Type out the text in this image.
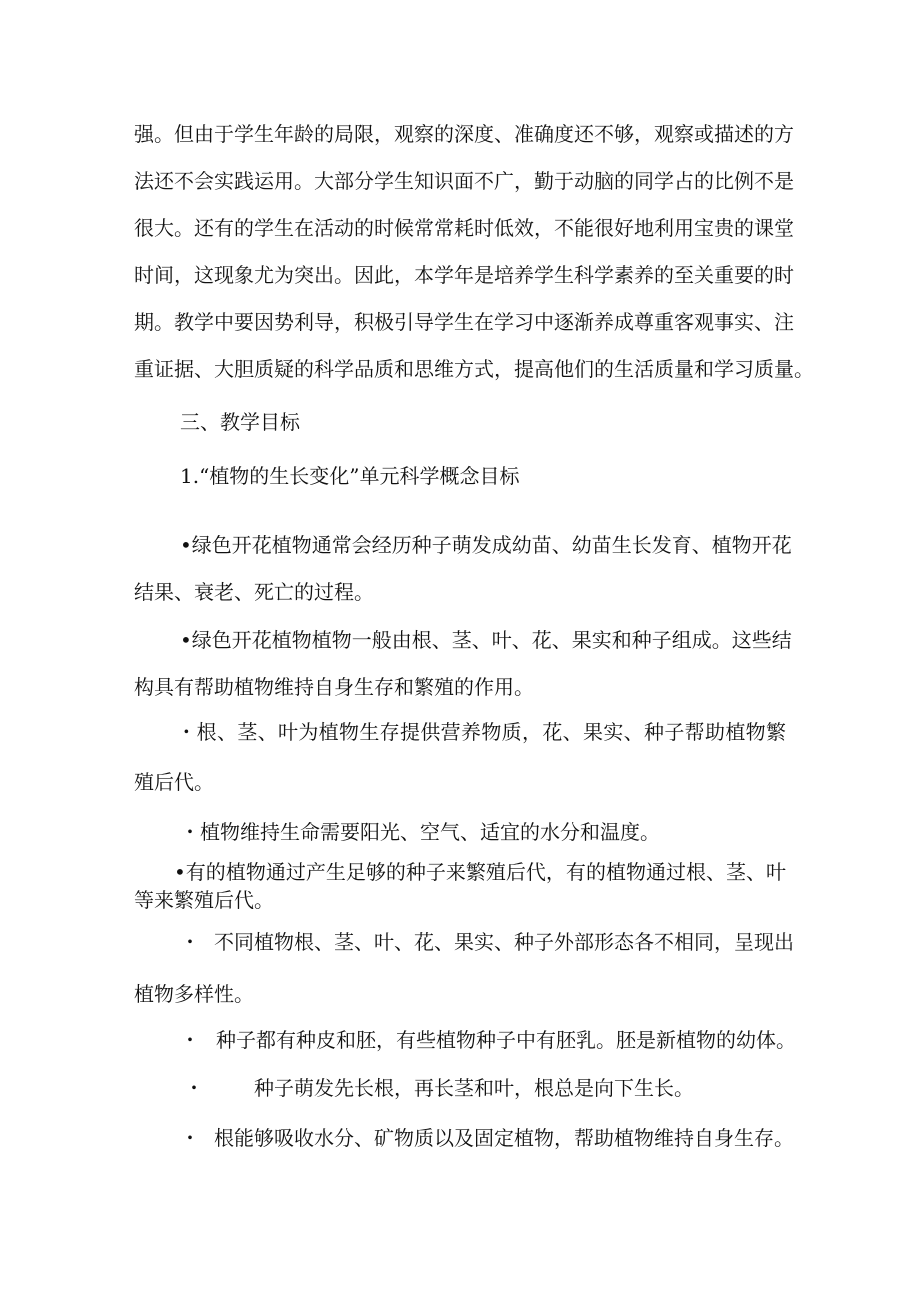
强。但由于学生年龄的局限，观察的深度、准确度还不够，观察或描述的方
法还不会实践运用。大部分学生知识面不广，勤于动脑的同学占的比例不是
很大。还有的学生在活动的时候常常耗时低效，不能很好地利用宝贵的课堂
时间，这现象尤为突出。因此，本学年是培养学生科学素养的至关重要的时
期。教学中要因势利导，积极引导学生在学习中逐渐养成尊重客观事实、注
重证据、大胆质疑的科学品质和思维方式，提高他们的生活质量和学习质量。
三、教学目标
1.“植物的生长变化”单元科学概念目标
•绿色开花植物通常会经历种子萌发成幼苗、幼苗生长发育、植物开花
结果、衰老、死亡的过程。
•绿色开花植物植物一般由根、茎、叶、花、果实和种子组成。这些结
构具有帮助植物维持自身生存和繁殖的作用。
・根、茎、叶为植物生存提供营养物质，花、果实、种子帮助植物繁
殖后代。
・植物维持生命需要阳光、空气、适宜的水分和温度。
•有的植物通过产生足够的种子来繁殖后代，有的植物通过根、茎、叶
等来繁殖后代。
・ 不同植物根、茎、叶、花、果实、种子外部形态各不相同，呈现出
植物多样性。
・ 种子都有种皮和胚，有些植物种子中有胚乳。胚是新植物的幼体。
・	种子萌发先长根，再长茎和叶，根总是向下生长。
・ 根能够吸收水分、矿物质以及固定植物，帮助植物维持自身生存。
